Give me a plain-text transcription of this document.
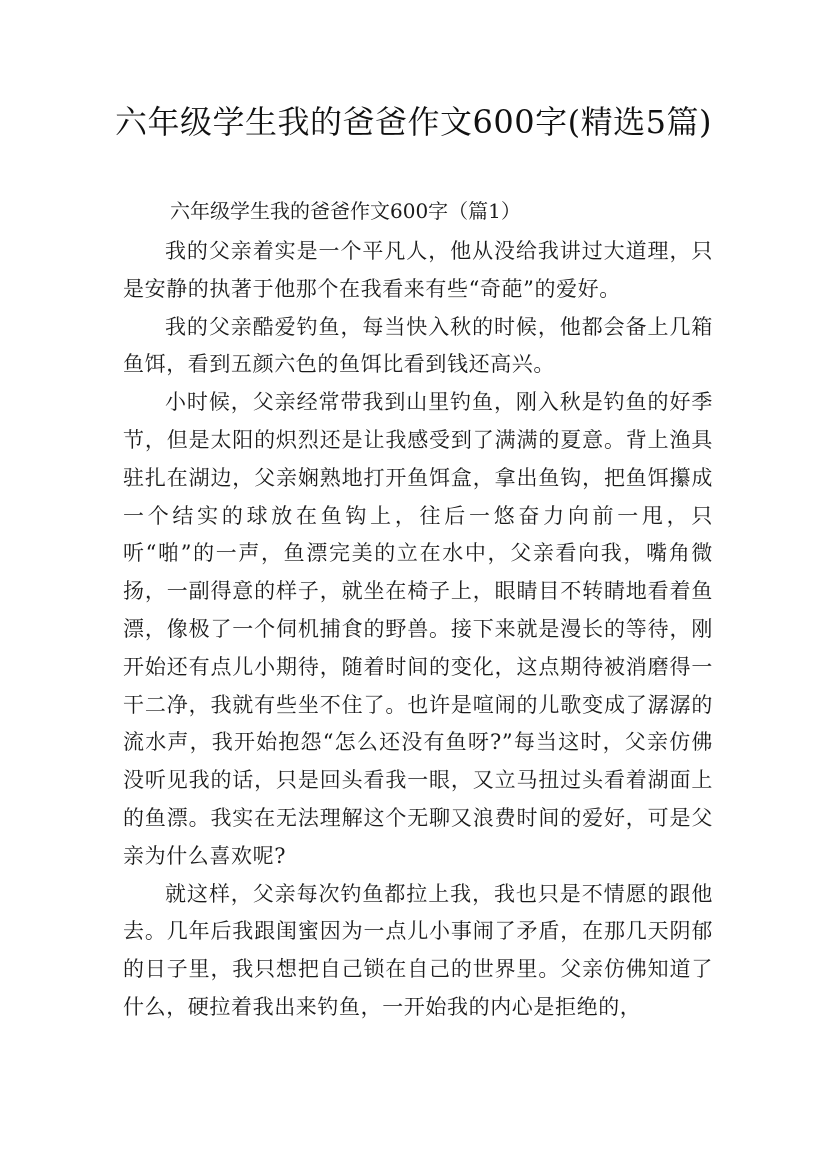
六年级学生我的爸爸作文600字(精选5篇)
六年级学生我的爸爸作文600字（篇1）

我的父亲着实是一个平凡人，他从没给我讲过大道理，只是安静的执著于他那个在我看来有些“奇葩”的爱好。

我的父亲酷爱钓鱼，每当快入秋的时候，他都会备上几箱鱼饵，看到五颜六色的鱼饵比看到钱还高兴。

小时候，父亲经常带我到山里钓鱼，刚入秋是钓鱼的好季节，但是太阳的炽烈还是让我感受到了满满的夏意。背上渔具驻扎在湖边，父亲娴熟地打开鱼饵盒，拿出鱼钩，把鱼饵攥成一个结实的球放在鱼钩上，往后一悠奋力向前一甩，只听“啪”的一声，鱼漂完美的立在水中，父亲看向我，嘴角微扬，一副得意的样子，就坐在椅子上，眼睛目不转睛地看着鱼漂，像极了一个伺机捕食的野兽。接下来就是漫长的等待，刚开始还有点儿小期待，随着时间的变化，这点期待被消磨得一干二净，我就有些坐不住了。也许是喧闹的儿歌变成了潺潺的流水声，我开始抱怨“怎么还没有鱼呀?”每当这时，父亲仿佛没听见我的话，只是回头看我一眼，又立马扭过头看着湖面上的鱼漂。我实在无法理解这个无聊又浪费时间的爱好，可是父亲为什么喜欢呢?

就这样，父亲每次钓鱼都拉上我，我也只是不情愿的跟他去。几年后我跟闺蜜因为一点儿小事闹了矛盾，在那几天阴郁的日子里，我只想把自己锁在自己的世界里。父亲仿佛知道了什么，硬拉着我出来钓鱼，一开始我的内心是拒绝的，
